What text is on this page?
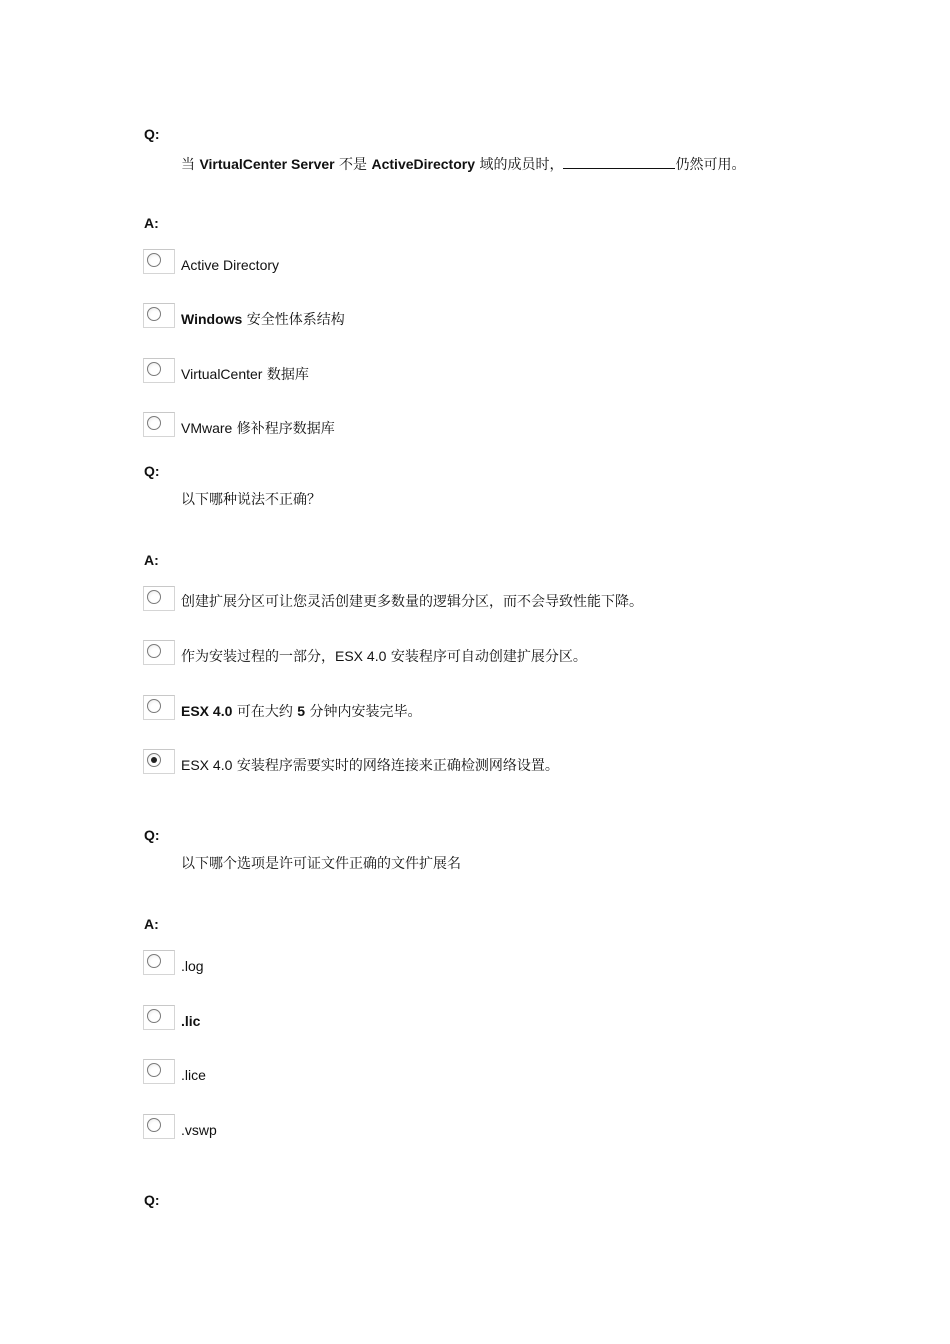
Q:
当 VirtualCenter Server 不是 ActiveDirectory 域的成员时，	仍然可用。
A:
Active Directory
Windows 安全性体系结构
VirtualCenter 数据库
VMware 修补程序数据库
Q:
以下哪种说法不正确？
A:
创建扩展分区可让您灵活创建更多数量的逻辑分区，而不会导致性能下降。
作为安装过程的一部分，ESX 4.0 安装程序可自动创建扩展分区。
ESX 4.0 可在大约 5 分钟内安装完毕。
ESX 4.0 安装程序需要实时的网络连接来正确检测网络设置。
Q:
以下哪个选项是许可证文件正确的文件扩展名
A:
.log
.lic
.lice
.vswp
Q:
